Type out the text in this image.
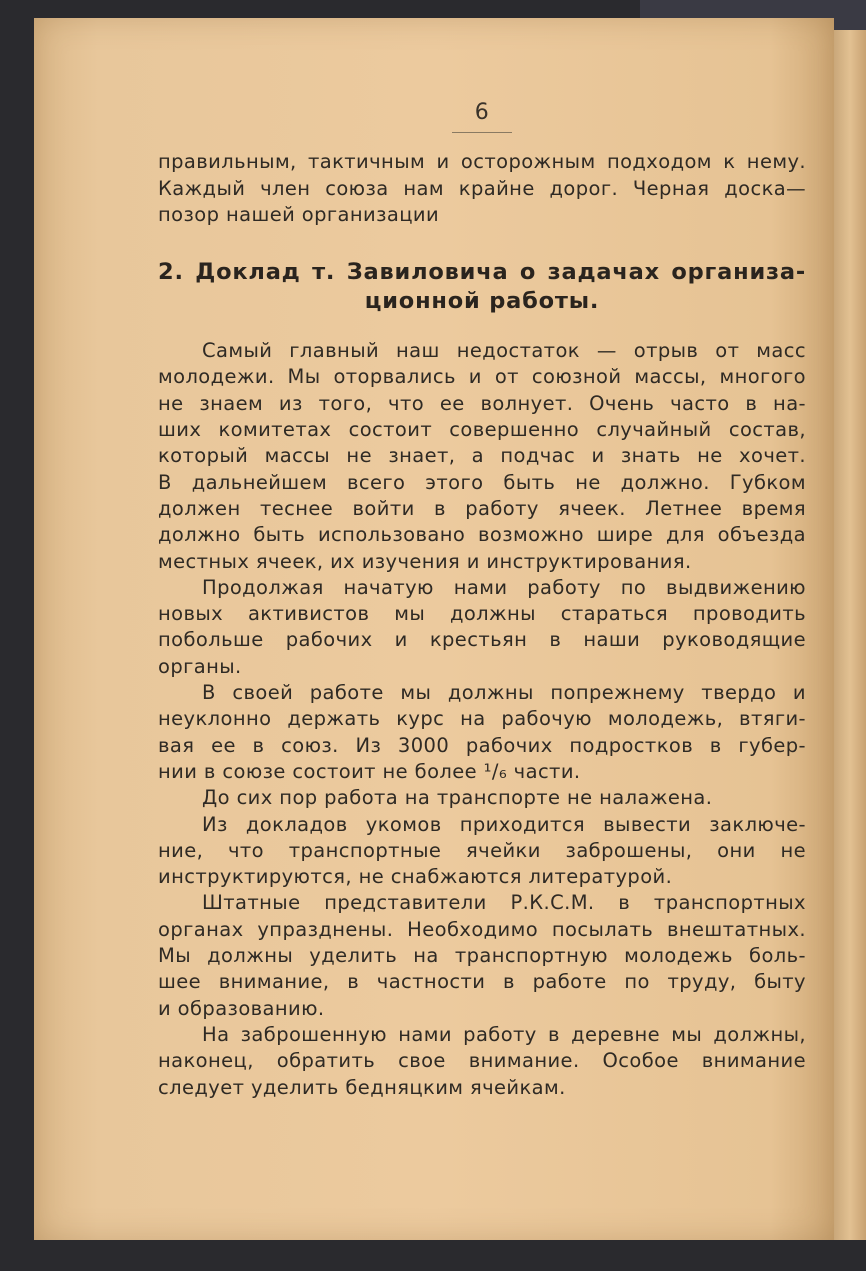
6
правильным, тактичным и осторожным подходом к нему.
Каждый член союза нам крайне дорог. Черная доска—
позор нашей организации
2. Доклад т. Завиловича о задачах организа-
ционной работы.
Самый главный наш недостаток — отрыв от масс
молодежи. Мы оторвались и от союзной массы, многого
не знаем из того, что ее волнует. Очень часто в на-
ших комитетах состоит совершенно случайный состав,
который массы не знает, а подчас и знать не хочет.
В дальнейшем всего этого быть не должно. Губком
должен теснее войти в работу ячеек. Летнее время
должно быть использовано возможно шире для объезда
местных ячеек, их изучения и инструктирования.
Продолжая начатую нами работу по выдвижению
новых активистов мы должны стараться проводить
побольше рабочих и крестьян в наши руководящие
органы.
В своей работе мы должны попрежнему твердо и
неуклонно держать курс на рабочую молодежь, втяги-
вая ее в союз. Из 3000 рабочих подростков в губер-
нии в союзе состоит не более ¹/₆ части.
До сих пор работа на транспорте не налажена.
Из докладов укомов приходится вывести заключе-
ние, что транспортные ячейки заброшены, они не
инструктируются, не снабжаются литературой.
Штатные представители Р.К.С.М. в транспортных
органах упразднены. Необходимо посылать внештатных.
Мы должны уделить на транспортную молодежь боль-
шее внимание, в частности в работе по труду, быту
и образованию.
На заброшенную нами работу в деревне мы должны,
наконец, обратить свое внимание. Особое внимание
следует уделить бедняцким ячейкам.
